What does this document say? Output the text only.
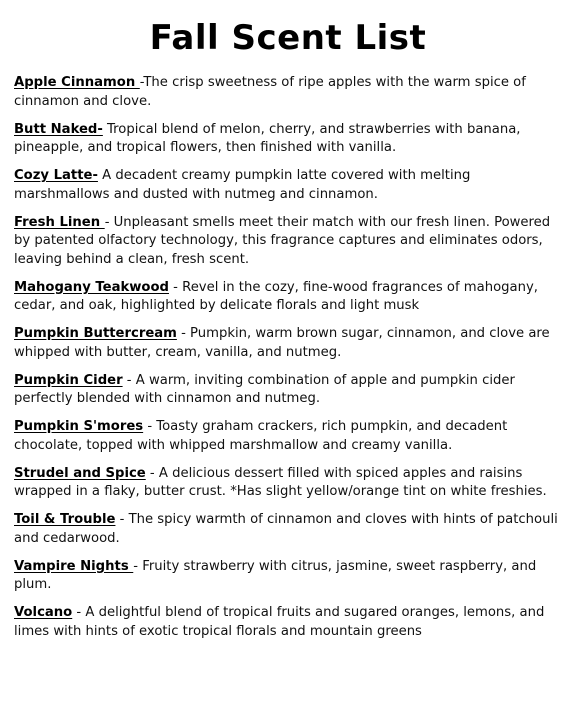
Fall Scent List
Apple Cinnamon -The crisp sweetness of ripe apples with the warm spice of cinnamon and clove.
Butt Naked- Tropical blend of melon, cherry, and strawberries with banana, pineapple, and tropical flowers, then finished with vanilla.
Cozy Latte- A decadent creamy pumpkin latte covered with melting marshmallows and dusted with nutmeg and cinnamon.
Fresh Linen - Unpleasant smells meet their match with our fresh linen. Powered by patented olfactory technology, this fragrance captures and eliminates odors, leaving behind a clean, fresh scent.
Mahogany Teakwood - Revel in the cozy, fine-wood fragrances of mahogany, cedar, and oak, highlighted by delicate florals and light musk
Pumpkin Buttercream - Pumpkin, warm brown sugar, cinnamon, and clove are whipped with butter, cream, vanilla, and nutmeg.
Pumpkin Cider - A warm, inviting combination of apple and pumpkin cider perfectly blended with cinnamon and nutmeg.
Pumpkin S'mores - Toasty graham crackers, rich pumpkin, and decadent chocolate, topped with whipped marshmallow and creamy vanilla.
Strudel and Spice - A delicious dessert filled with spiced apples and raisins wrapped in a flaky, butter crust. *Has slight yellow/orange tint on white freshies.
Toil & Trouble - The spicy warmth of cinnamon and cloves with hints of patchouli and cedarwood.
Vampire Nights - Fruity strawberry with citrus, jasmine, sweet raspberry, and plum.
Volcano - A delightful blend of tropical fruits and sugared oranges, lemons, and limes with hints of exotic tropical florals and mountain greens
